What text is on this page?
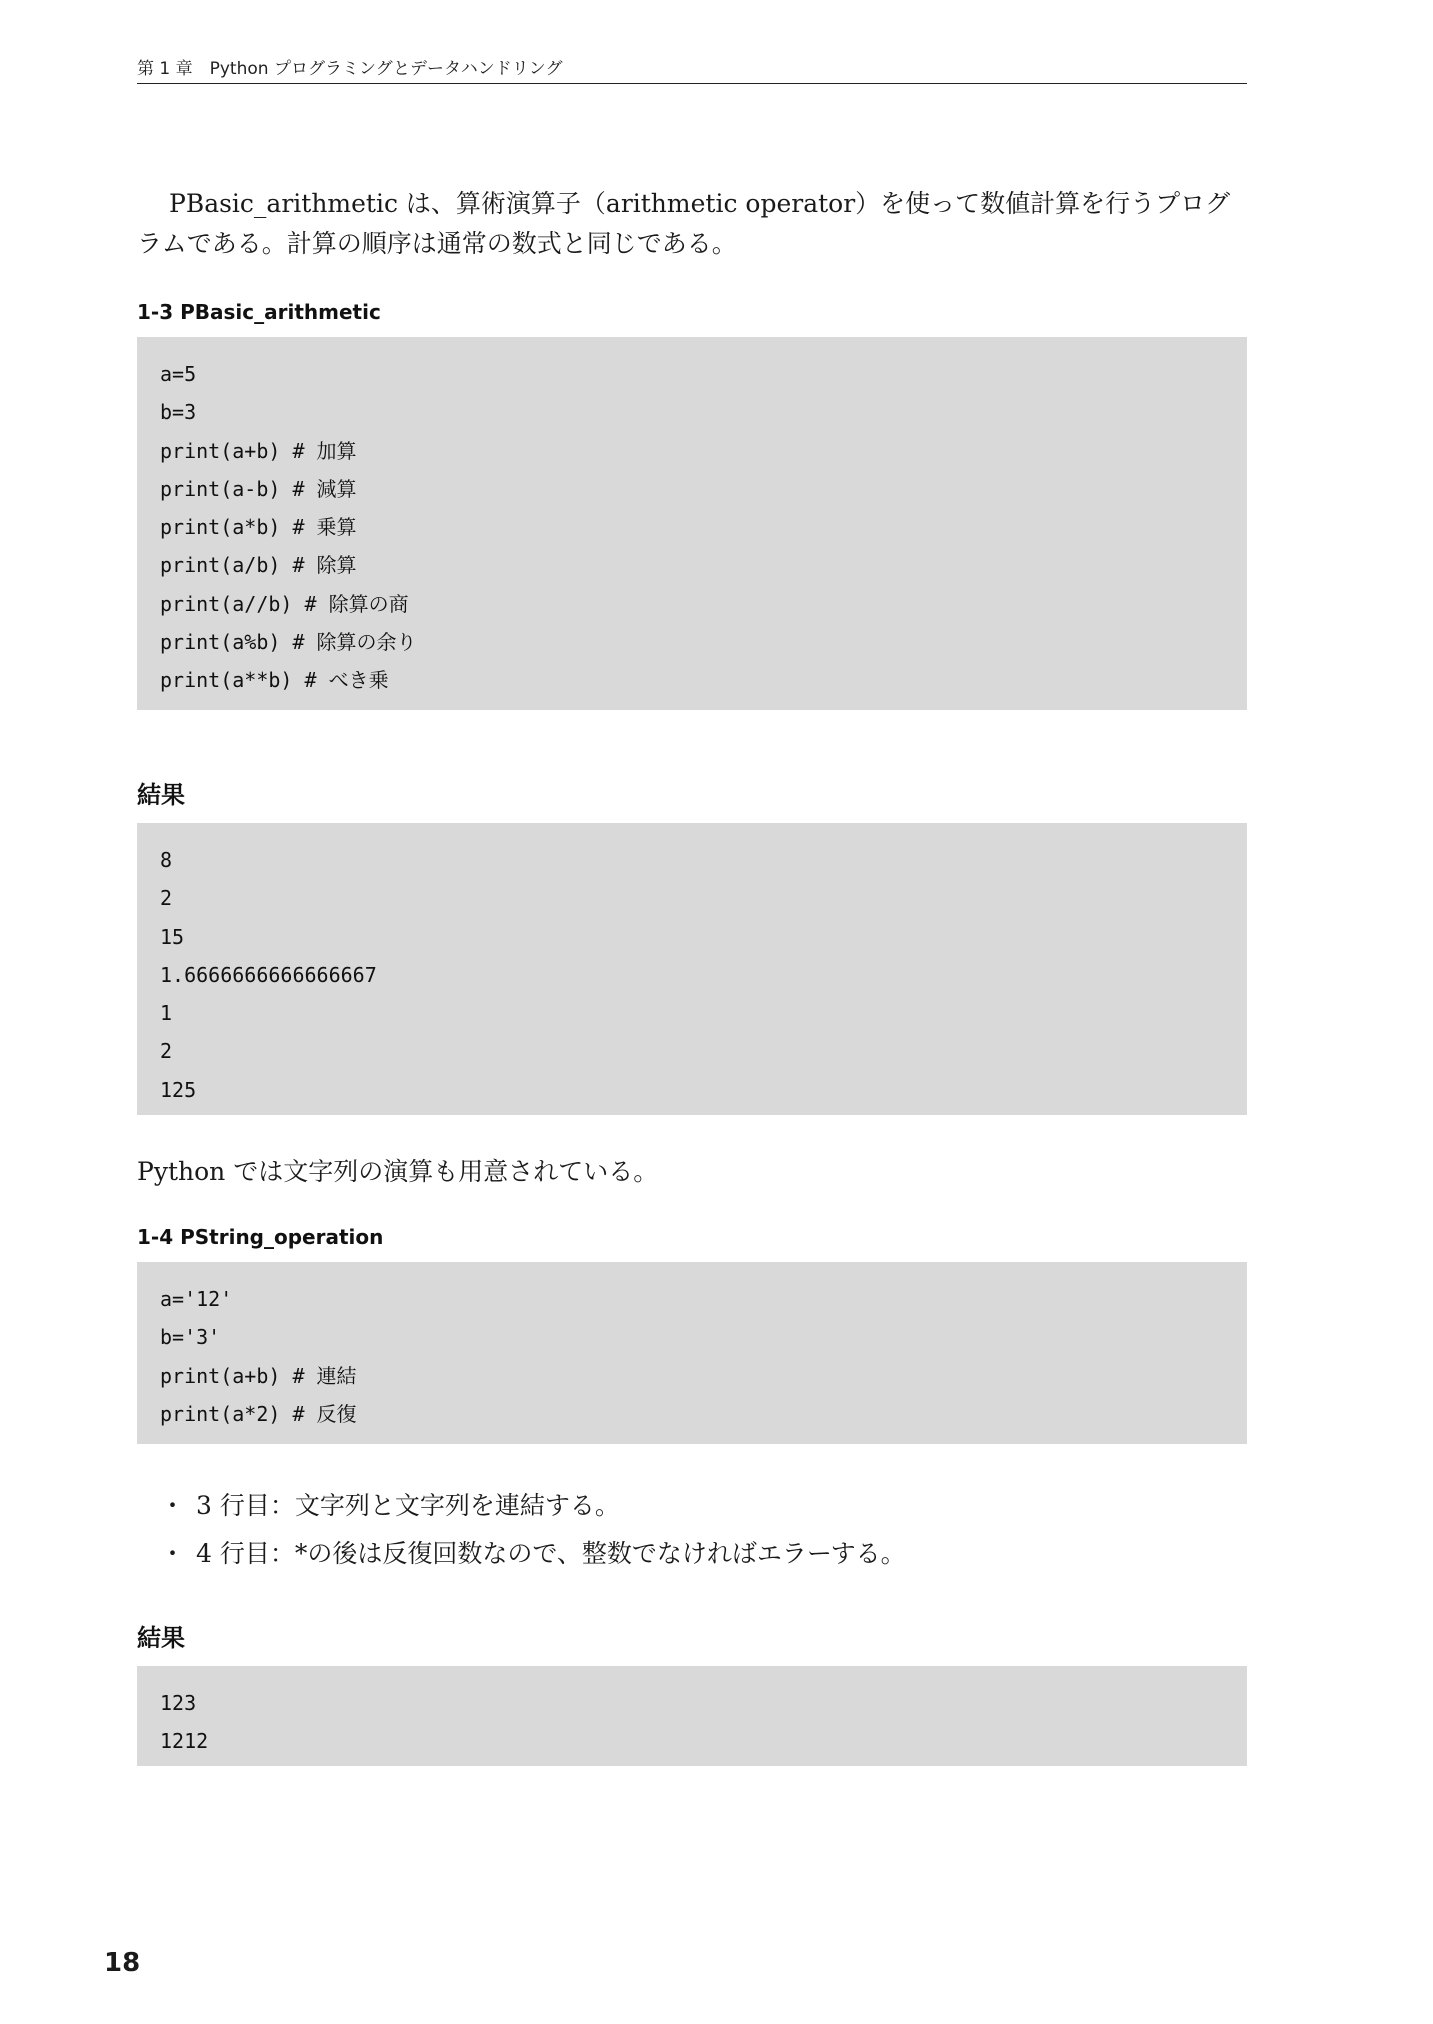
第 1 章　Python プログラミングとデータハンドリング
PBasic_arithmetic は、算術演算子（arithmetic operator）を使って数値計算を行うプログ
ラムである。計算の順序は通常の数式と同じである。
1-3 PBasic_arithmetic
a=5
b=3
print(a+b) # 加算
print(a-b) # 減算
print(a*b) # 乗算
print(a/b) # 除算
print(a//b) # 除算の商
print(a%b) # 除算の余り
print(a**b) # べき乗
結果
8
2
15
1.6666666666666667
1
2
125
Python では文字列の演算も用意されている。
1-4 PString_operation
a='12'
b='3'
print(a+b) # 連結
print(a*2) # 反復
・ 3 行目：文字列と文字列を連結する。
・ 4 行目：*の後は反復回数なので、整数でなければエラーする。
結果
123
1212
18
